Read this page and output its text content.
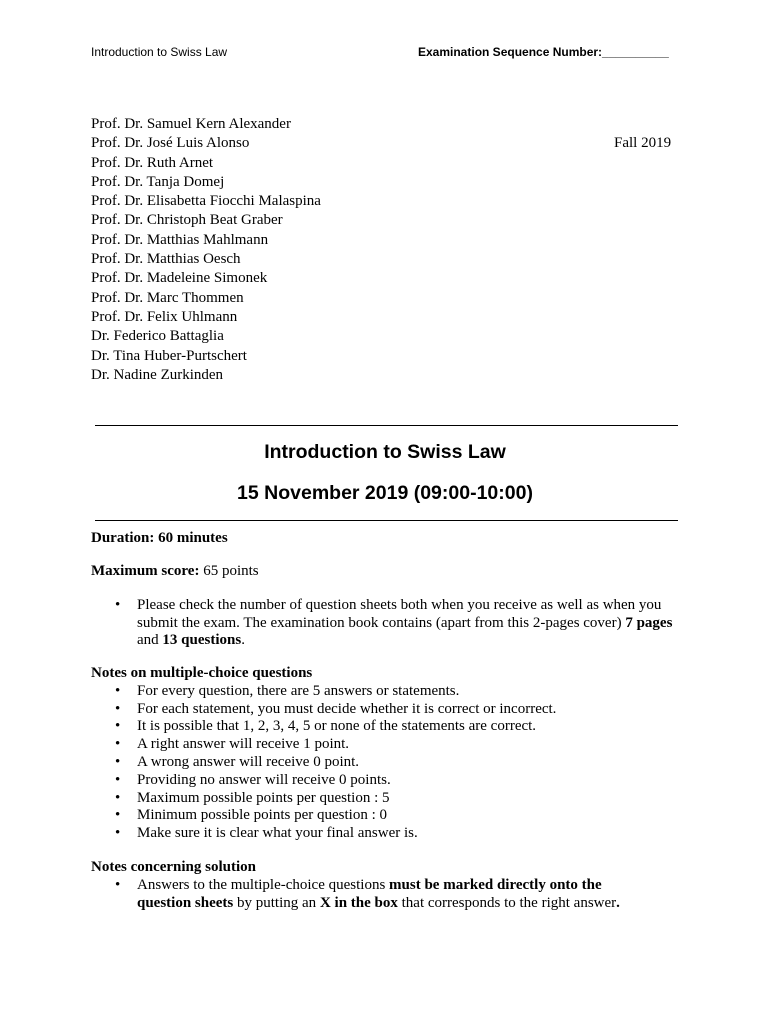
Introduction to Swiss Law	Examination Sequence Number:__________
Prof. Dr. Samuel Kern Alexander
Prof. Dr. José Luis Alonso
Prof. Dr. Ruth Arnet
Prof. Dr. Tanja Domej
Prof. Dr. Elisabetta Fiocchi Malaspina
Prof. Dr. Christoph Beat Graber
Prof. Dr. Matthias Mahlmann
Prof. Dr. Matthias Oesch
Prof. Dr. Madeleine Simonek
Prof. Dr. Marc Thommen
Prof. Dr. Felix Uhlmann
Dr. Federico Battaglia
Dr. Tina Huber-Purtschert
Dr. Nadine Zurkinden
Fall 2019
Introduction to Swiss Law
15 November 2019 (09:00-10:00)
Duration: 60 minutes
Maximum score: 65 points
• Please check the number of question sheets both when you receive as well as when you submit the exam. The examination book contains (apart from this 2-pages cover) 7 pages and 13 questions.
Notes on multiple-choice questions
• For every question, there are 5 answers or statements.
• For each statement, you must decide whether it is correct or incorrect.
• It is possible that 1, 2, 3, 4, 5 or none of the statements are correct.
• A right answer will receive 1 point.
• A wrong answer will receive 0 point.
• Providing no answer will receive 0 points.
• Maximum possible points per question : 5
• Minimum possible points per question : 0
• Make sure it is clear what your final answer is.
Notes concerning solution
• Answers to the multiple-choice questions must be marked directly onto the question sheets by putting an X in the box that corresponds to the right answer.
